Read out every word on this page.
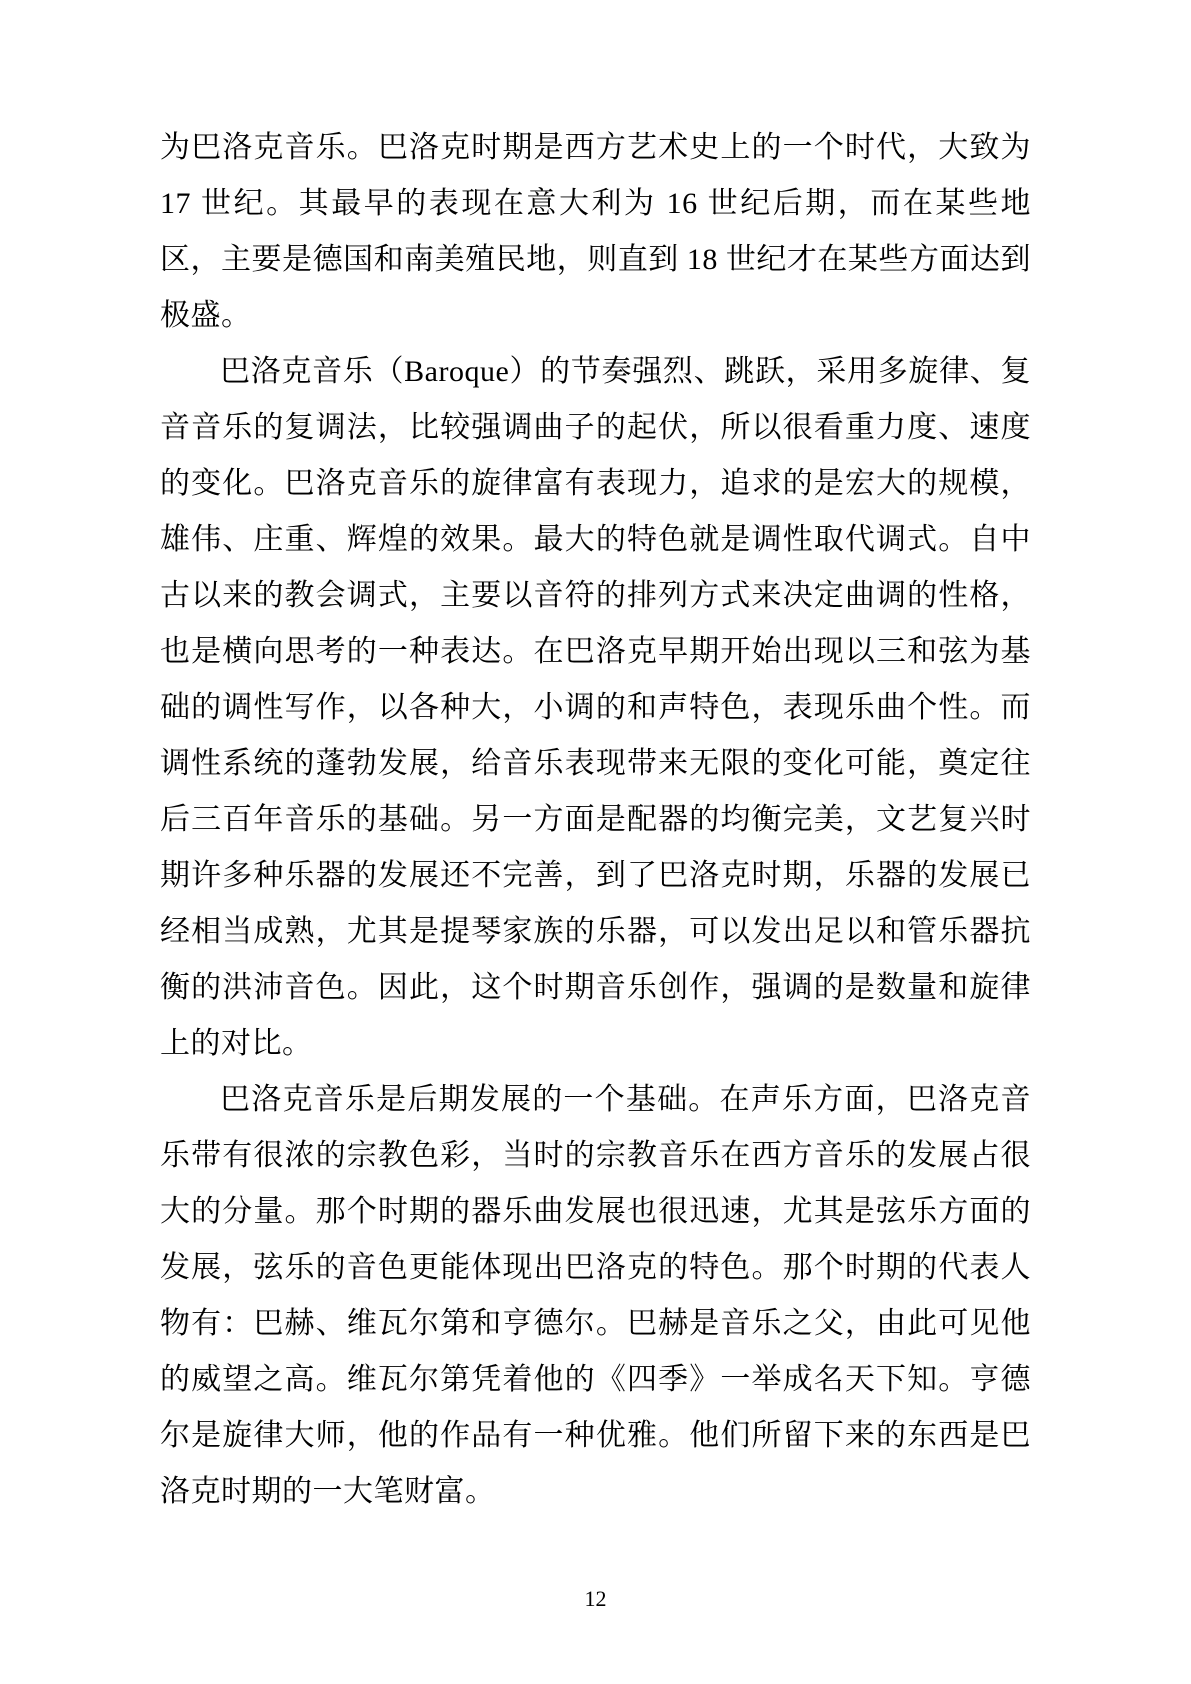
为巴洛克音乐。巴洛克时期是西方艺术史上的一个时代，大致为 17 世纪。其最早的表现在意大利为 16 世纪后期，而在某些地区，主要是德国和南美殖民地，则直到 18 世纪才在某些方面达到极盛。

巴洛克音乐（Baroque）的节奏强烈、跳跃，采用多旋律、复音音乐的复调法，比较强调曲子的起伏，所以很看重力度、速度的变化。巴洛克音乐的旋律富有表现力，追求的是宏大的规模，雄伟、庄重、辉煌的效果。最大的特色就是调性取代调式。自中古以来的教会调式，主要以音符的排列方式来决定曲调的性格，也是横向思考的一种表达。在巴洛克早期开始出现以三和弦为基础的调性写作，以各种大，小调的和声特色，表现乐曲个性。而调性系统的蓬勃发展，给音乐表现带来无限的变化可能，奠定往后三百年音乐的基础。另一方面是配器的均衡完美，文艺复兴时期许多种乐器的发展还不完善，到了巴洛克时期，乐器的发展已经相当成熟，尤其是提琴家族的乐器，可以发出足以和管乐器抗衡的洪沛音色。因此，这个时期音乐创作，强调的是数量和旋律上的对比。

巴洛克音乐是后期发展的一个基础。在声乐方面，巴洛克音乐带有很浓的宗教色彩，当时的宗教音乐在西方音乐的发展占很大的分量。那个时期的器乐曲发展也很迅速，尤其是弦乐方面的发展，弦乐的音色更能体现出巴洛克的特色。那个时期的代表人物有：巴赫、维瓦尔第和亨德尔。巴赫是音乐之父，由此可见他的威望之高。维瓦尔第凭着他的《四季》一举成名天下知。亨德尔是旋律大师，他的作品有一种优雅。他们所留下来的东西是巴洛克时期的一大笔财富。

12
